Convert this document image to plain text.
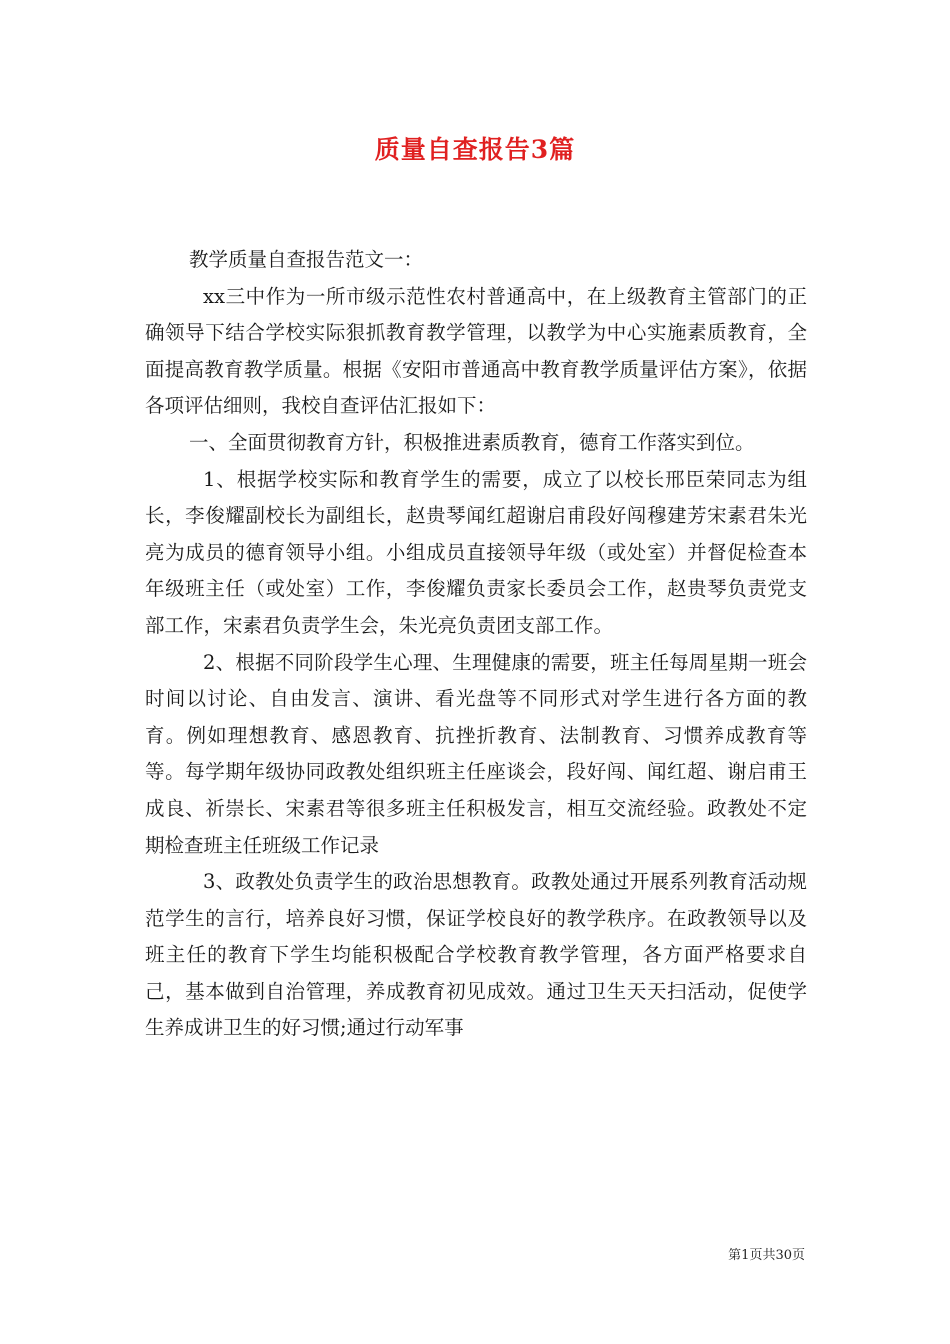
质量自查报告3篇

教学质量自查报告范文一：

xx三中作为一所市级示范性农村普通高中，在上级教育主管部门的正确领导下结合学校实际狠抓教育教学管理，以教学为中心实施素质教育，全面提高教育教学质量。根据《安阳市普通高中教育教学质量评估方案》，依据各项评估细则，我校自查评估汇报如下：

一、全面贯彻教育方针，积极推进素质教育，德育工作落实到位。

1、根据学校实际和教育学生的需要，成立了以校长邢臣荣同志为组长，李俊耀副校长为副组长，赵贵琴闻红超谢启甫段好闯穆建芳宋素君朱光亮为成员的德育领导小组。小组成员直接领导年级（或处室）并督促检查本年级班主任（或处室）工作，李俊耀负责家长委员会工作，赵贵琴负责党支部工作，宋素君负责学生会，朱光亮负责团支部工作。

2、根据不同阶段学生心理、生理健康的需要，班主任每周星期一班会时间以讨论、自由发言、演讲、看光盘等不同形式对学生进行各方面的教育。例如理想教育、感恩教育、抗挫折教育、法制教育、习惯养成教育等等。每学期年级协同政教处组织班主任座谈会，段好闯、闻红超、谢启甫王成良、祈崇长、宋素君等很多班主任积极发言，相互交流经验。政教处不定期检查班主任班级工作记录

3、政教处负责学生的政治思想教育。政教处通过开展系列教育活动规范学生的言行，培养良好习惯，保证学校良好的教学秩序。在政教领导以及班主任的教育下学生均能积极配合学校教育教学管理，各方面严格要求自己，基本做到自治管理，养成教育初见成效。通过卫生天天扫活动，促使学生养成讲卫生的好习惯;通过行动军事

第1页共30页
